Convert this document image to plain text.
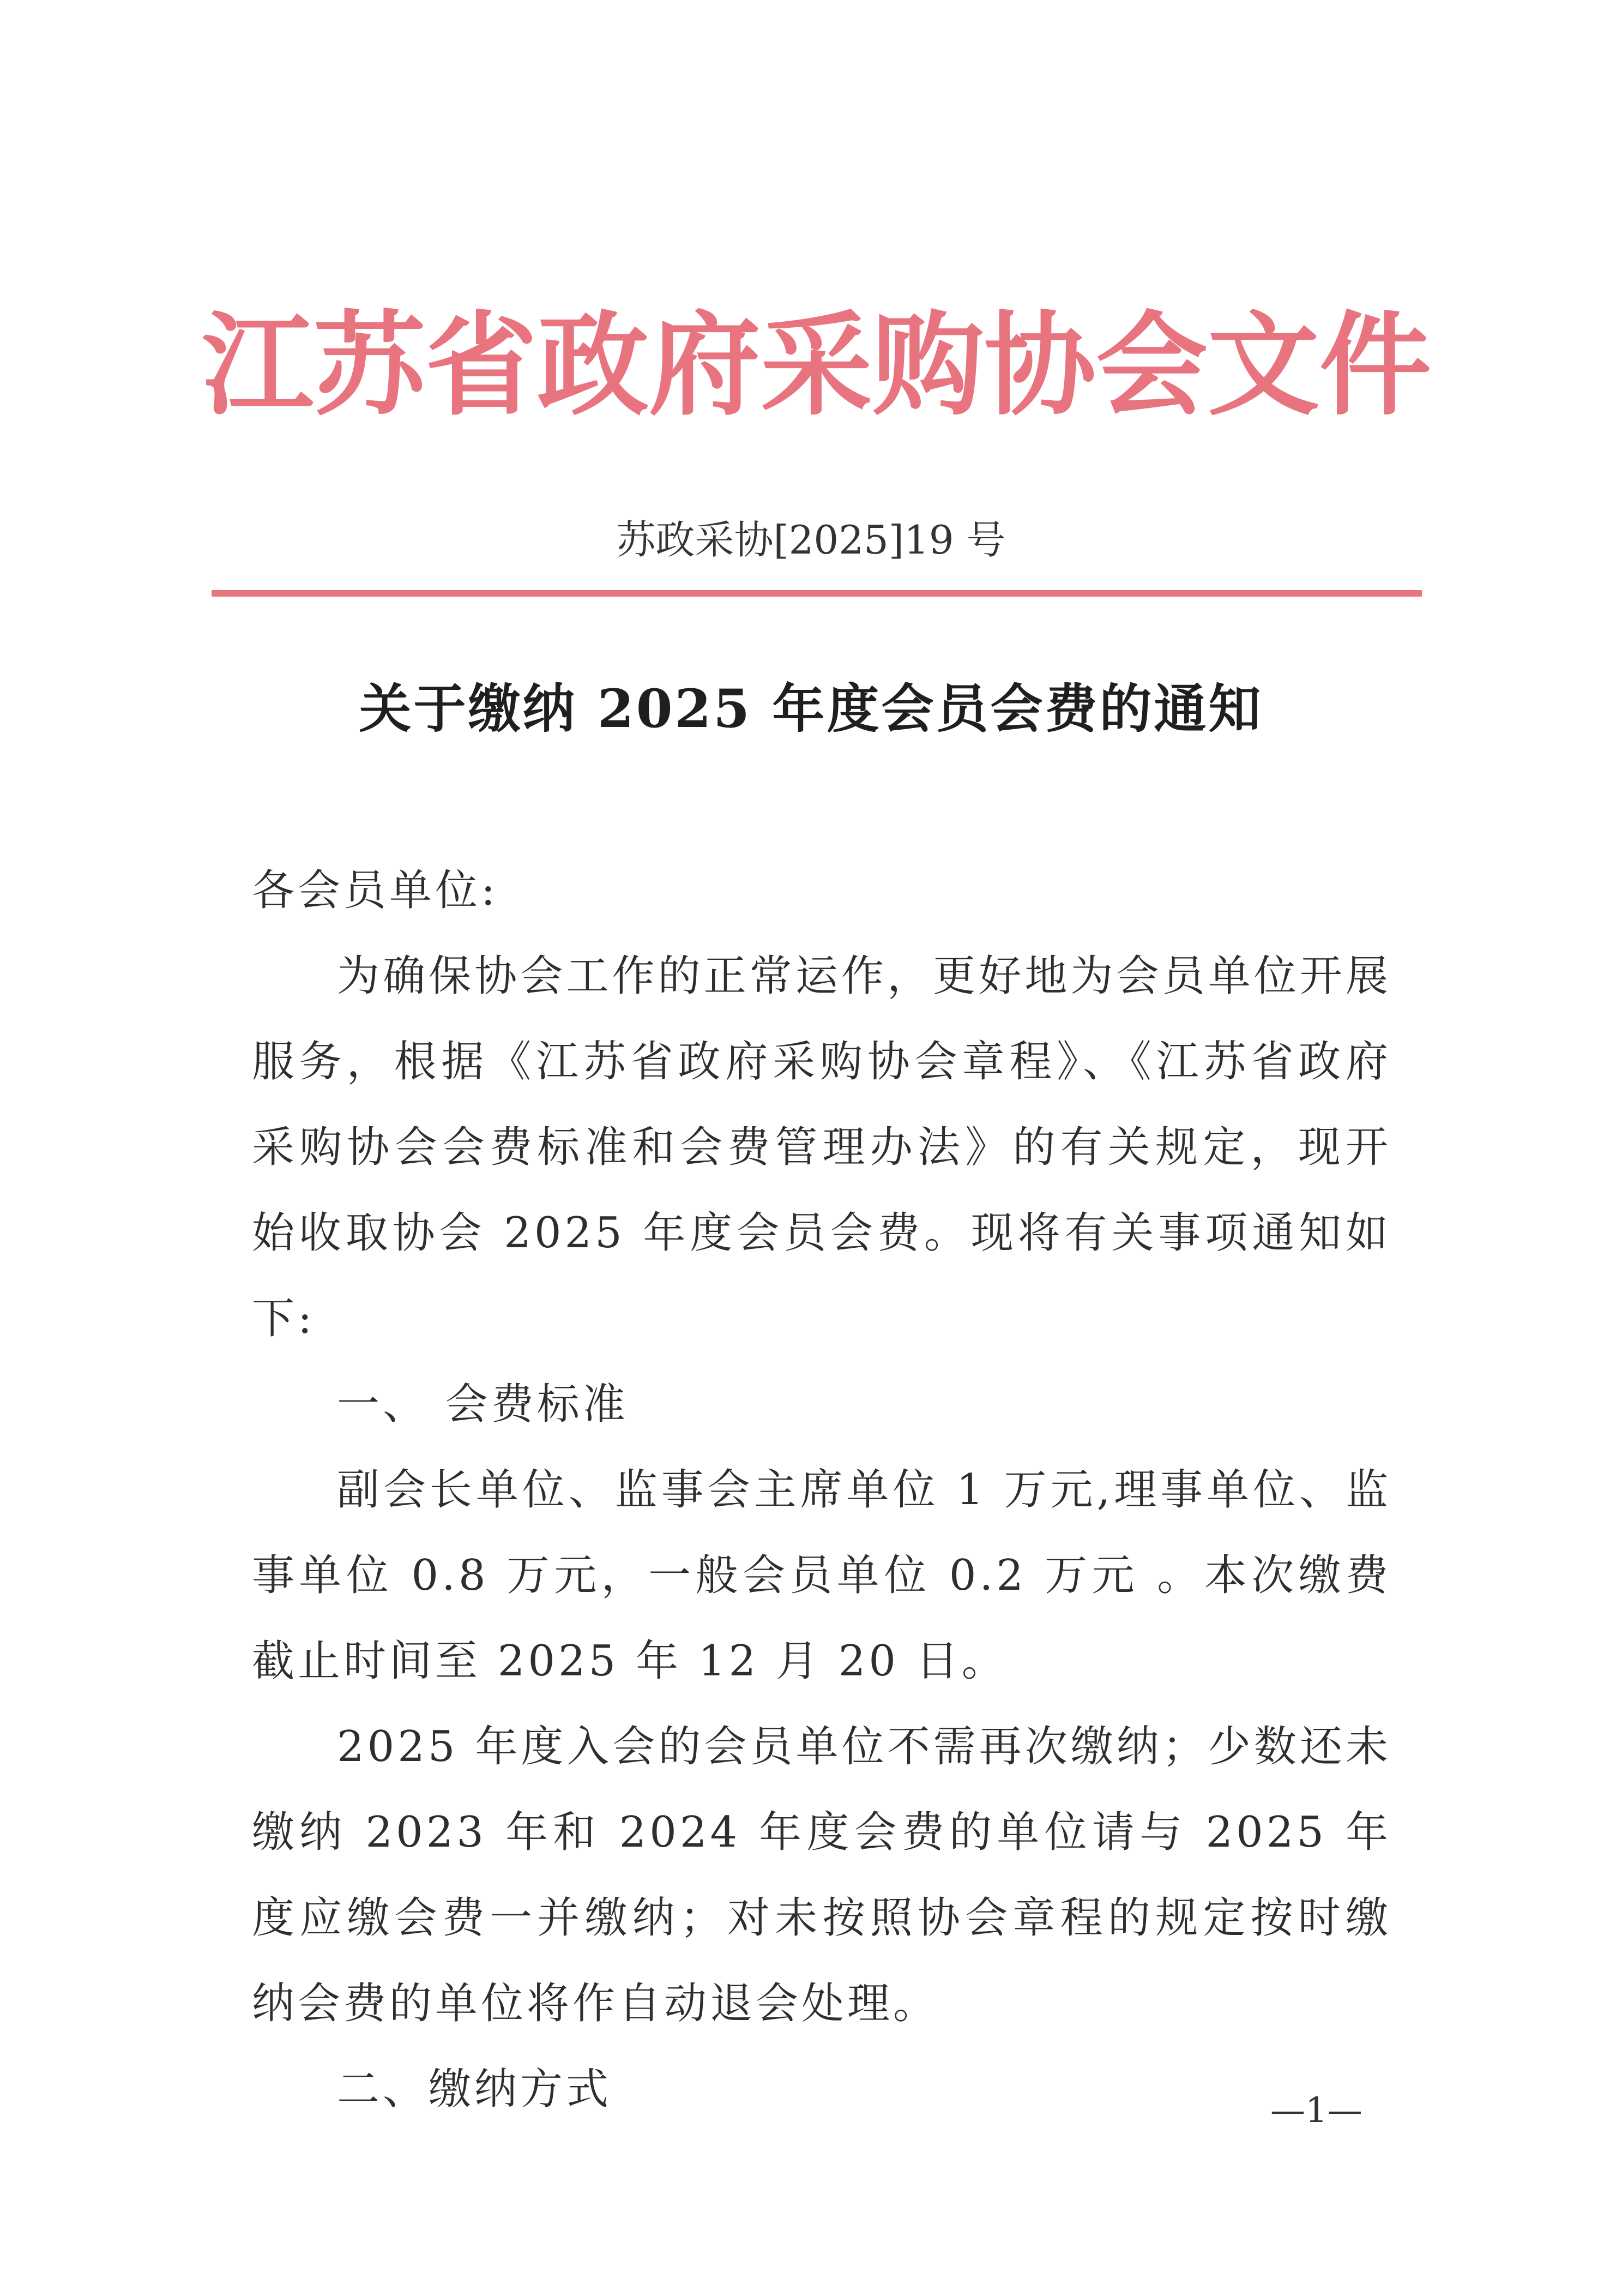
江苏省政府采购协会文件
苏政采协[2025]19 号
关于缴纳 2025 年度会员会费的通知

各会员单位:

为确保协会工作的正常运作，更好地为会员单位开展服务，根据《江苏省政府采购协会章程》、《江苏省政府采购协会会费标准和会费管理办法》的有关规定，现开始收取协会 2025 年度会员会费。现将有关事项通知如下:

一、 会费标准

副会长单位、监事会主席单位 1 万元,理事单位、监事单位 0.8 万元，一般会员单位 0.2 万元 。本次缴费截止时间至 2025 年 12 月 20 日。

2025 年度入会的会员单位不需再次缴纳；少数还未缴纳 2023 年和 2024 年度会费的单位请与 2025 年度应缴会费一并缴纳；对未按照协会章程的规定按时缴纳会费的单位将作自动退会处理。

二、缴纳方式	—1—
